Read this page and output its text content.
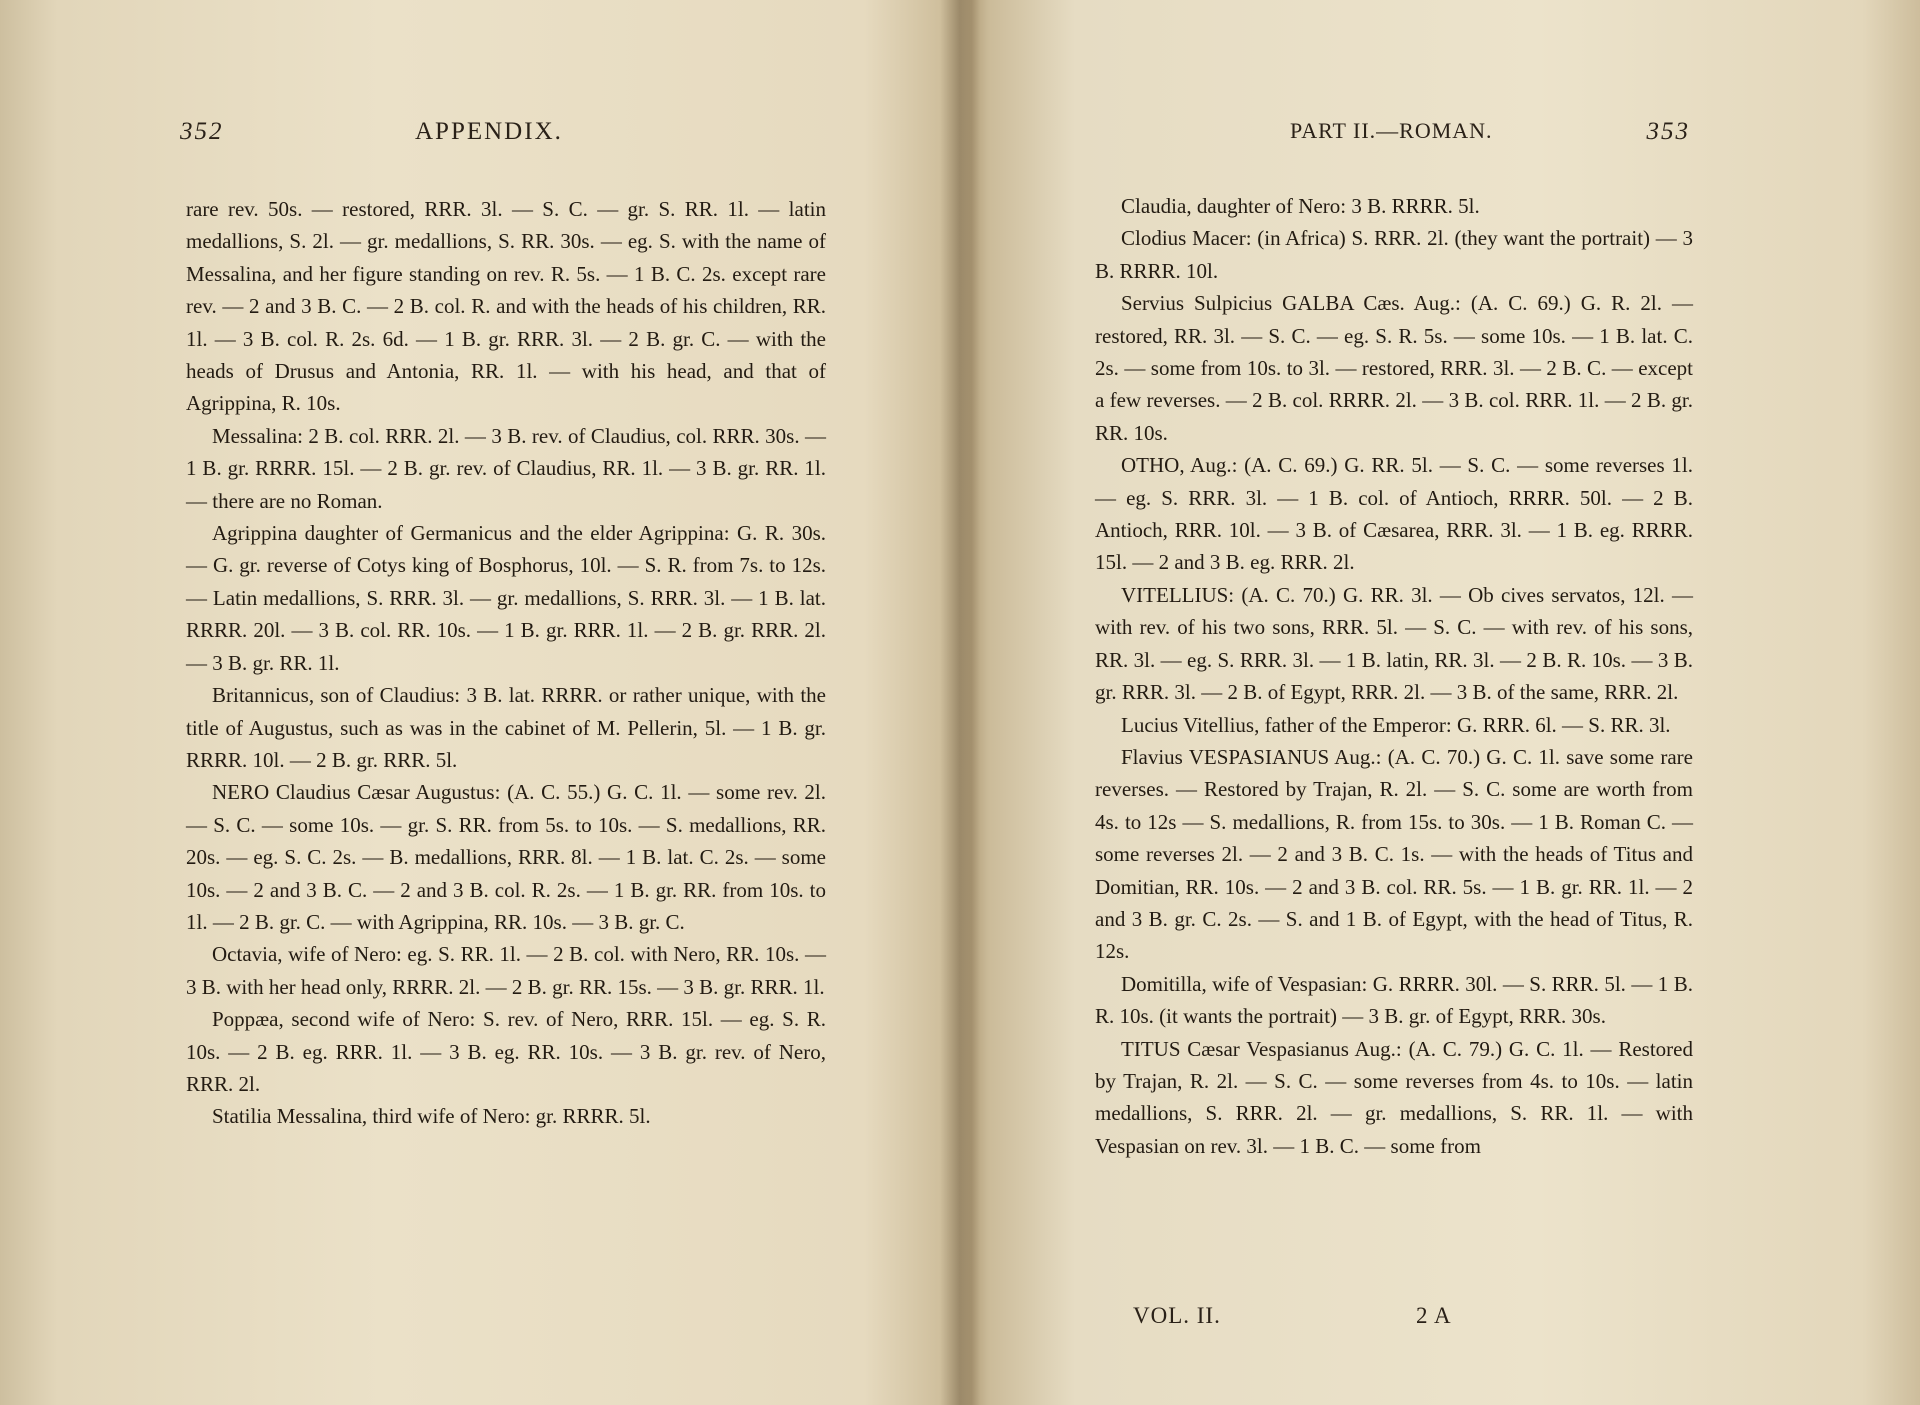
352	APPENDIX.

rare rev. 50s. — restored, RRR. 3l. — S. C. — gr. S. RR. 1l. — latin medallions, S. 2l. — gr. medallions, S. RR. 30s. — eg. S. with the name of Messalina, and her figure standing on rev. R. 5s. — 1 B. C. 2s. except rare rev. — 2 and 3 B. C. — 2 B. col. R. and with the heads of his children, RR. 1l. — 3 B. col. R. 2s. 6d. — 1 B. gr. RRR. 3l. — 2 B. gr. C. — with the heads of Drusus and Antonia, RR. 1l. — with his head, and that of Agrippina, R. 10s.

Messalina: 2 B. col. RRR. 2l. — 3 B. rev. of Claudius, col. RRR. 30s. — 1 B. gr. RRRR. 15l. — 2 B. gr. rev. of Claudius, RR. 1l. — 3 B. gr. RR. 1l. — there are no Roman.

Agrippina daughter of Germanicus and the elder Agrippina: G. R. 30s. — G. gr. reverse of Cotys king of Bosphorus, 10l. — S. R. from 7s. to 12s. — Latin medallions, S. RRR. 3l. — gr. medallions, S. RRR. 3l. — 1 B. lat. RRRR. 20l. — 3 B. col. RR. 10s. — 1 B. gr. RRR. 1l. — 2 B. gr. RRR. 2l. — 3 B. gr. RR. 1l.

Britannicus, son of Claudius: 3 B. lat. RRRR. or rather unique, with the title of Augustus, such as was in the cabinet of M. Pellerin, 5l. — 1 B. gr. RRRR. 10l. — 2 B. gr. RRR. 5l.

NERO Claudius Cæsar Augustus: (A. C. 55.) G. C. 1l. — some rev. 2l. — S. C. — some 10s. — gr. S. RR. from 5s. to 10s. — S. medallions, RR. 20s. — eg. S. C. 2s. — B. medallions, RRR. 8l. — 1 B. lat. C. 2s. — some 10s. — 2 and 3 B. C. — 2 and 3 B. col. R. 2s. — 1 B. gr. RR. from 10s. to 1l. — 2 B. gr. C. — with Agrippina, RR. 10s. — 3 B. gr. C.

Octavia, wife of Nero: eg. S. RR. 1l. — 2 B. col. with Nero, RR. 10s. — 3 B. with her head only, RRRR. 2l. — 2 B. gr. RR. 15s. — 3 B. gr. RRR. 1l.

Poppæa, second wife of Nero: S. rev. of Nero, RRR. 15l. — eg. S. R. 10s. — 2 B. eg. RRR. 1l. — 3 B. eg. RR. 10s. — 3 B. gr. rev. of Nero, RRR. 2l.

Statilia Messalina, third wife of Nero: gr. RRRR. 5l.

PART II.—ROMAN.	353

Claudia, daughter of Nero: 3 B. RRRR. 5l.

Clodius Macer: (in Africa) S. RRR. 2l. (they want the portrait) — 3 B. RRRR. 10l.

Servius Sulpicius GALBA Cæs. Aug.: (A. C. 69.) G. R. 2l. — restored, RR. 3l. — S. C. — eg. S. R. 5s. — some 10s. — 1 B. lat. C. 2s. — some from 10s. to 3l. — restored, RRR. 3l. — 2 B. C. — except a few reverses. — 2 B. col. RRRR. 2l. — 3 B. col. RRR. 1l. — 2 B. gr. RR. 10s.

OTHO, Aug.: (A. C. 69.) G. RR. 5l. — S. C. — some reverses 1l. — eg. S. RRR. 3l. — 1 B. col. of Antioch, RRRR. 50l. — 2 B. Antioch, RRR. 10l. — 3 B. of Cæsarea, RRR. 3l. — 1 B. eg. RRRR. 15l. — 2 and 3 B. eg. RRR. 2l.

VITELLIUS: (A. C. 70.) G. RR. 3l. — Ob cives servatos, 12l. — with rev. of his two sons, RRR. 5l. — S. C. — with rev. of his sons, RR. 3l. — eg. S. RRR. 3l. — 1 B. latin, RR. 3l. — 2 B. R. 10s. — 3 B. gr. RRR. 3l. — 2 B. of Egypt, RRR. 2l. — 3 B. of the same, RRR. 2l.

Lucius Vitellius, father of the Emperor: G. RRR. 6l. — S. RR. 3l.

Flavius VESPASIANUS Aug.: (A. C. 70.) G. C. 1l. save some rare reverses. — Restored by Trajan, R. 2l. — S. C. some are worth from 4s. to 12s — S. medallions, R. from 15s. to 30s. — 1 B. Roman C. — some reverses 2l. — 2 and 3 B. C. 1s. — with the heads of Titus and Domitian, RR. 10s. — 2 and 3 B. col. RR. 5s. — 1 B. gr. RR. 1l. — 2 and 3 B. gr. C. 2s. — S. and 1 B. of Egypt, with the head of Titus, R. 12s.

Domitilla, wife of Vespasian: G. RRRR. 30l. — S. RRR. 5l. — 1 B. R. 10s. (it wants the portrait) — 3 B. gr. of Egypt, RRR. 30s.

TITUS Cæsar Vespasianus Aug.: (A. C. 79.) G. C. 1l. — Restored by Trajan, R. 2l. — S. C. — some reverses from 4s. to 10s. — latin medallions, S. RRR. 2l. — gr. medallions, S. RR. 1l. — with Vespasian on rev. 3l. — 1 B. C. — some from

VOL. II.	2 A
